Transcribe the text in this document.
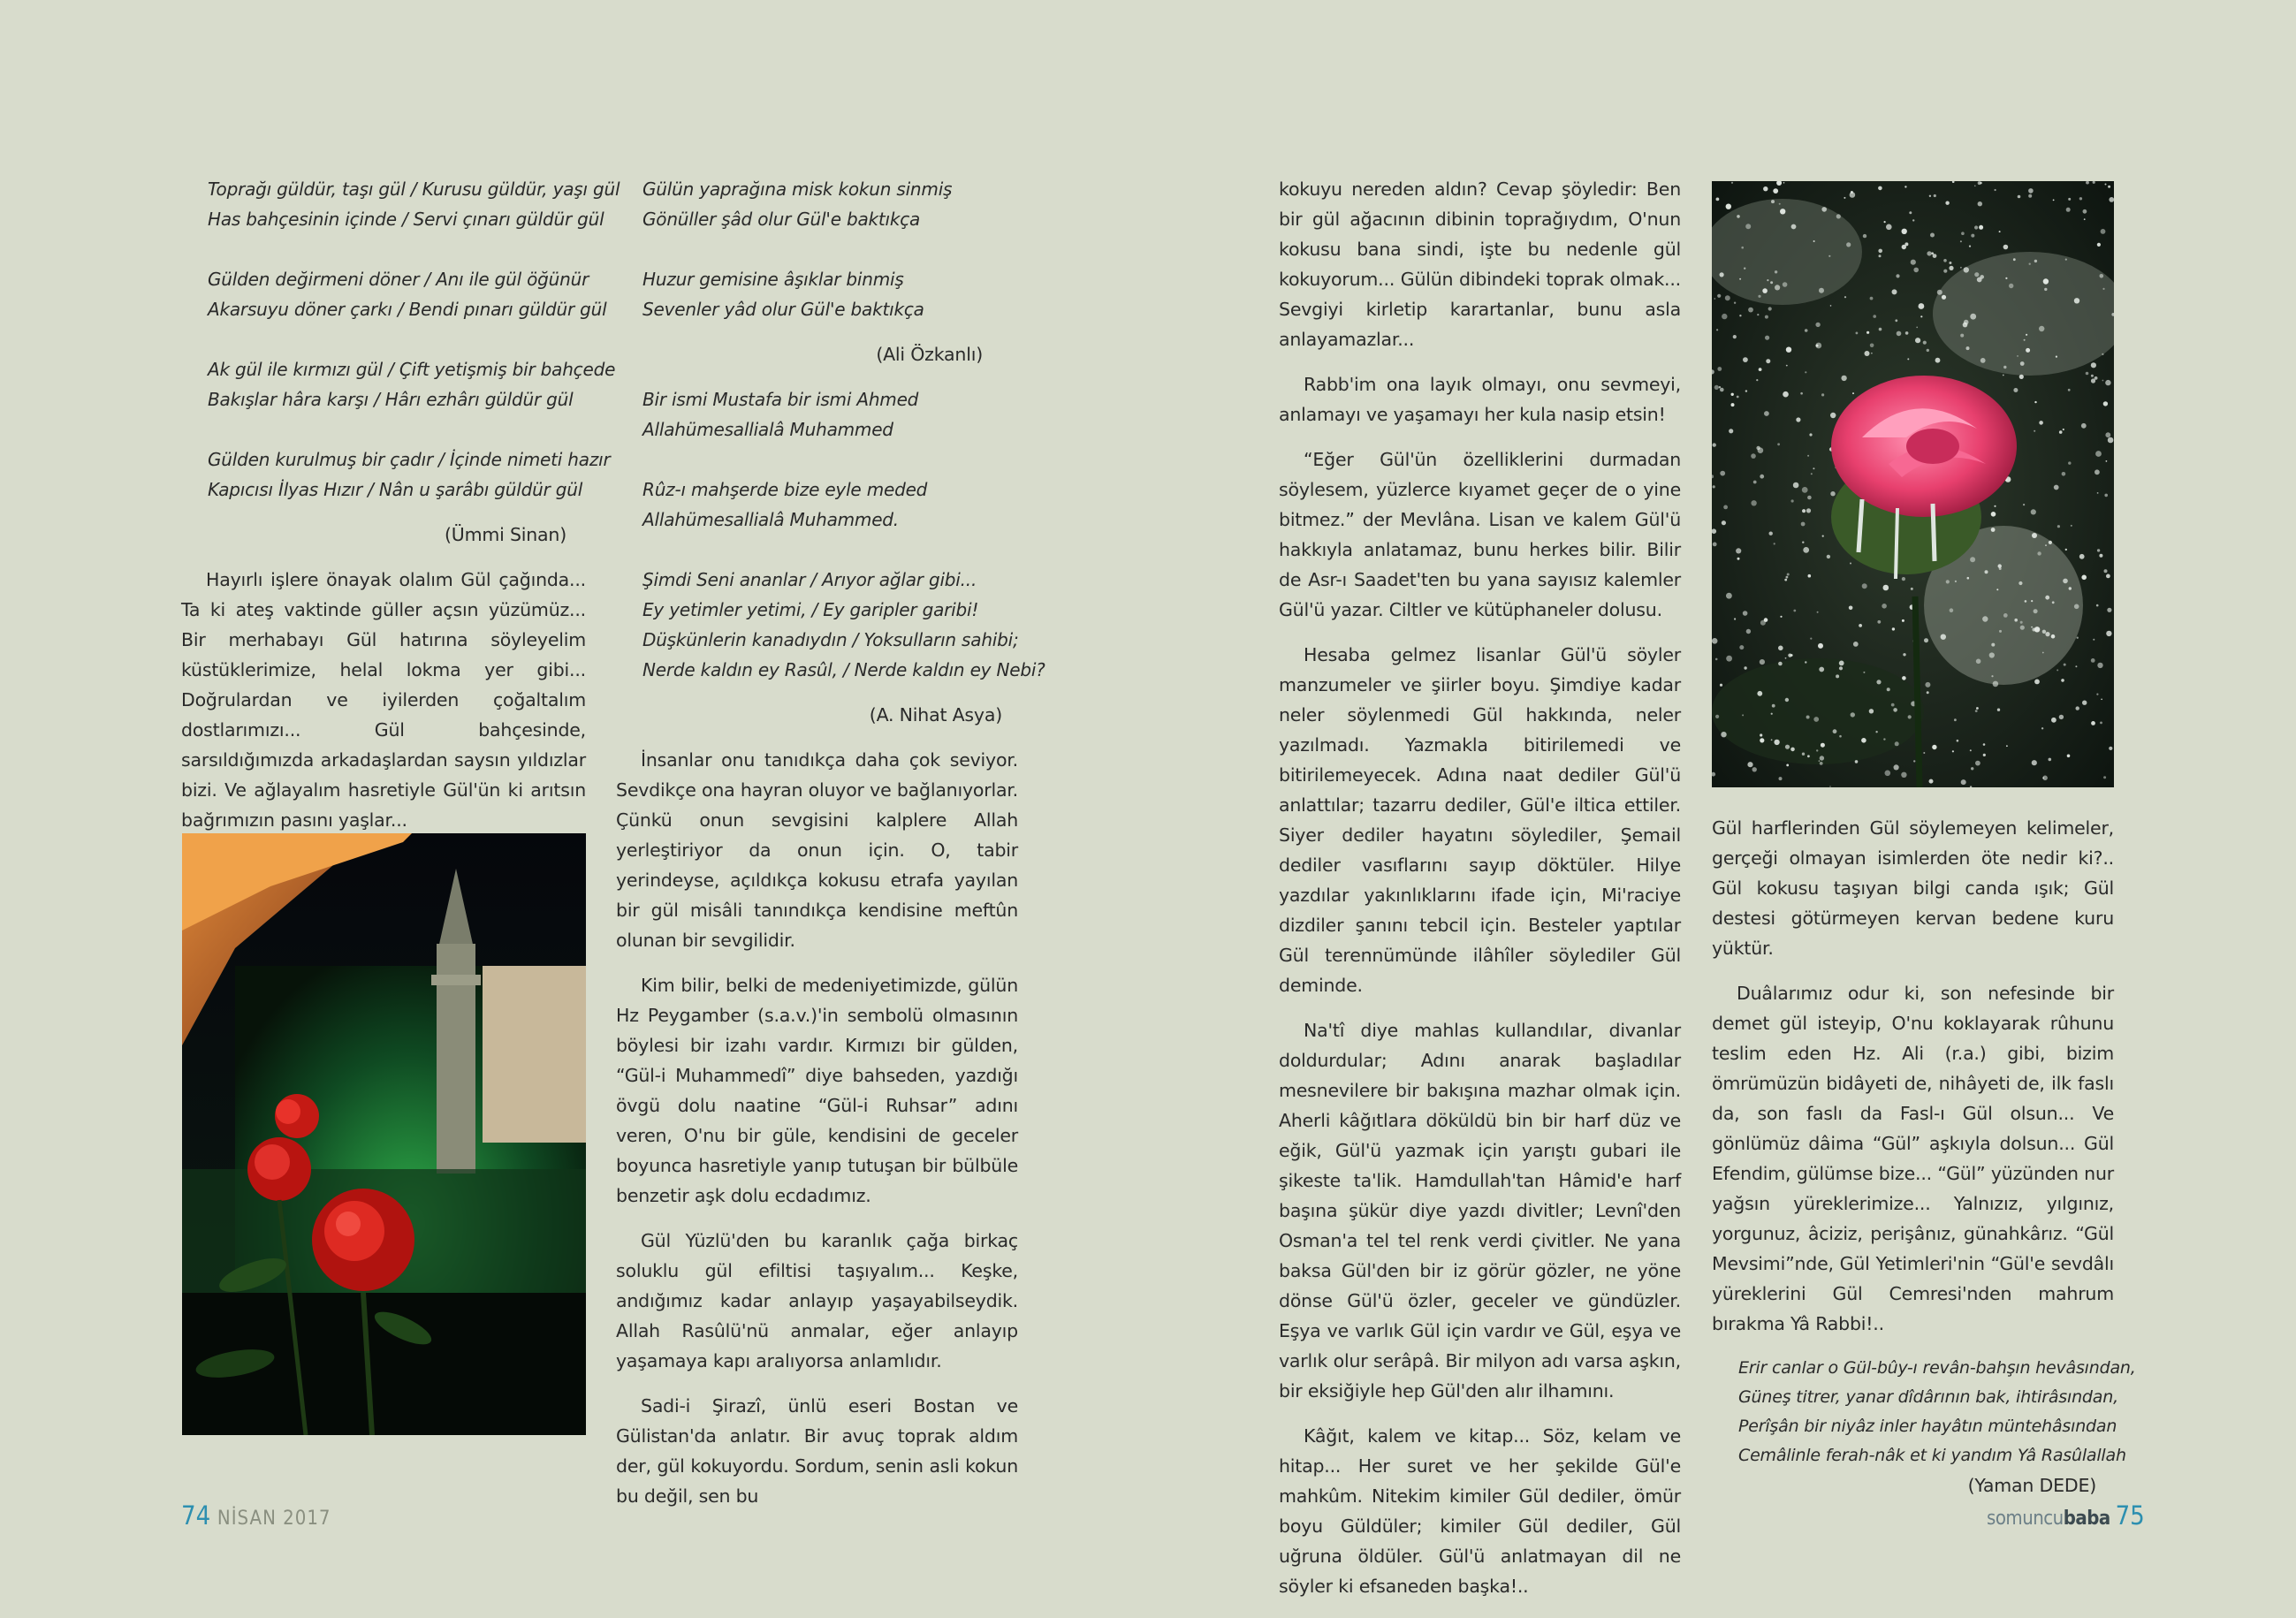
Toprağı güldür, taşı gül / Kurusu güldür, yaşı gül
Has bahçesinin içinde / Servi çınarı güldür gül
Gülden değirmeni döner / Anı ile gül öğünür
Akarsuyu döner çarkı / Bendi pınarı güldür gül
Ak gül ile kırmızı gül / Çift yetişmiş bir bahçede
Bakışlar hâra karşı / Hârı ezhârı güldür gül
Gülden kurulmuş bir çadır / İçinde nimeti hazır
Kapıcısı İlyas Hızır / Nân u şarâbı güldür gül
(Ümmi Sinan)

Hayırlı işlere önayak olalım Gül çağında... Ta ki ateş vaktinde güller açsın yüzümüz... Bir merhabayı Gül hatırına söyleyelim küstüklerimize, helal lokma yer gibi... Doğrulardan ve iyilerden çoğaltalım dostlarımızı... Gül bahçesinde, sarsıldığımızda arkadaşlardan saysın yıldızlar bizi. Ve ağlayalım hasretiyle Gül'ün ki arıtsın bağrımızın pasını yaşlar...

Gülün yaprağına misk kokun sinmiş
Gönüller şâd olur Gül'e baktıkça
Huzur gemisine âşıklar binmiş
Sevenler yâd olur Gül'e baktıkça
(Ali Özkanlı)
Bir ismi Mustafa bir ismi Ahmed
Allahümesallialâ Muhammed
Rûz-ı mahşerde bize eyle meded
Allahümesallialâ Muhammed.
Şimdi Seni ananlar / Arıyor ağlar gibi...
Ey yetimler yetimi, / Ey garipler garibi!
Düşkünlerin kanadıydın / Yoksulların sahibi;
Nerde kaldın ey Rasûl, / Nerde kaldın ey Nebi?
(A. Nihat Asya)

İnsanlar onu tanıdıkça daha çok seviyor. Sevdikçe ona hayran oluyor ve bağlanıyorlar. Çünkü onun sevgisini kalplere Allah yerleştiriyor da onun için. O, tabir yerindeyse, açıldıkça kokusu etrafa yayılan bir gül misâli tanındıkça kendisine meftûn olunan bir sevgilidir.

Kim bilir, belki de medeniyetimizde, gülün Hz Peygamber (s.a.v.)'in sembolü olmasının böylesi bir izahı vardır. Kırmızı bir gülden, “Gül-i Muhammedî” diye bahseden, yazdığı övgü dolu naatine “Gül-i Ruhsar” adını veren, O'nu bir güle, kendisini de geceler boyunca hasretiyle yanıp tutuşan bir bülbüle benzetir aşk dolu ecdadımız.

Gül Yüzlü'den bu karanlık çağa birkaç soluklu gül efiltisi taşıyalım... Keşke, andığımız kadar anlayıp yaşayabilseydik. Allah Rasûlü'nü anmalar, eğer anlayıp yaşamaya kapı aralıyorsa anlamlıdır.

Sadi-i Şirazî, ünlü eseri Bostan ve Gülistan'da anlatır. Bir avuç toprak aldım der, gül kokuyordu. Sordum, senin asli kokun bu değil, sen bu

74 NİSAN 2017

kokuyu nereden aldın? Cevap şöyledir: Ben bir gül ağacının dibinin toprağıydım, O'nun kokusu bana sindi, işte bu nedenle gül kokuyorum... Gülün dibindeki toprak olmak... Sevgiyi kirletip karartanlar, bunu asla anlayamazlar...

Rabb'im ona layık olmayı, onu sevmeyi, anlamayı ve yaşamayı her kula nasip etsin!

“Eğer Gül'ün özelliklerini durmadan söylesem, yüzlerce kıyamet geçer de o yine bitmez.” der Mevlâna. Lisan ve kalem Gül'ü hakkıyla anlatamaz, bunu herkes bilir. Bilir de Asr-ı Saadet'ten bu yana sayısız kalemler Gül'ü yazar. Ciltler ve kütüphaneler dolusu.

Hesaba gelmez lisanlar Gül'ü söyler manzumeler ve şiirler boyu. Şimdiye kadar neler söylenmedi Gül hakkında, neler yazılmadı. Yazmakla bitirilemedi ve bitirilemeyecek. Adına naat dediler Gül'ü anlattılar; tazarru dediler, Gül'e iltica ettiler. Siyer dediler hayatını söylediler, Şemail dediler vasıflarını sayıp döktüler. Hilye yazdılar yakınlıklarını ifade için, Mi'raciye dizdiler şanını tebcil için. Besteler yaptılar Gül terennümünde ilâhîler söylediler Gül deminde.

Na'tî diye mahlas kullandılar, divanlar doldurdular; Adını anarak başladılar mesnevilere bir bakışına mazhar olmak için. Aherli kâğıtlara döküldü bin bir harf düz ve eğik, Gül'ü yazmak için yarıştı gubari ile şikeste ta'lik. Hamdullah'tan Hâmid'e harf başına şükür diye yazdı divitler; Levnî'den Osman'a tel tel renk verdi çivitler. Ne yana baksa Gül'den bir iz görür gözler, ne yöne dönse Gül'ü özler, geceler ve gündüzler. Eşya ve varlık Gül için vardır ve Gül, eşya ve varlık olur serâpâ. Bir milyon adı varsa aşkın, bir eksiğiyle hep Gül'den alır ilhamını.

Kâğıt, kalem ve kitap... Söz, kelam ve hitap... Her suret ve her şekilde Gül'e mahkûm. Nitekim kimiler Gül dediler, ömür boyu Güldüler; kimiler Gül dediler, Gül uğruna öldüler. Gül'ü anlatmayan dil ne söyler ki efsaneden başka!..

Gül harflerinden Gül söylemeyen kelimeler, gerçeği olmayan isimlerden öte nedir ki?.. Gül kokusu taşıyan bilgi canda ışık; Gül destesi götürmeyen kervan bedene kuru yüktür.

Duâlarımız odur ki, son nefesinde bir demet gül isteyip, O'nu koklayarak rûhunu teslim eden Hz. Ali (r.a.) gibi, bizim ömrümüzün bidâyeti de, nihâyeti de, ilk faslı da, son faslı da Fasl-ı Gül olsun... Ve gönlümüz dâima “Gül” aşkıyla dolsun... Gül Efendim, gülümse bize... “Gül” yüzünden nur yağsın yüreklerimize... Yalnızız, yılgınız, yorgunuz, âciziz, perişânız, günahkârız. “Gül Mevsimi”nde, Gül Yetimleri'nin “Gül'e sevdâlı yüreklerini Gül Cemresi'nden mahrum bırakma Yâ Rabbi!..

Erir canlar o Gül-bûy-ı revân-bahşın hevâsından,
Güneş titrer, yanar dîdârının bak, ihtirâsından,
Perîşân bir niyâz inler hayâtın müntehâsından
Cemâlinle ferah-nâk et ki yandım Yâ Rasûlallah
(Yaman DEDE)
somuncubaba 75
